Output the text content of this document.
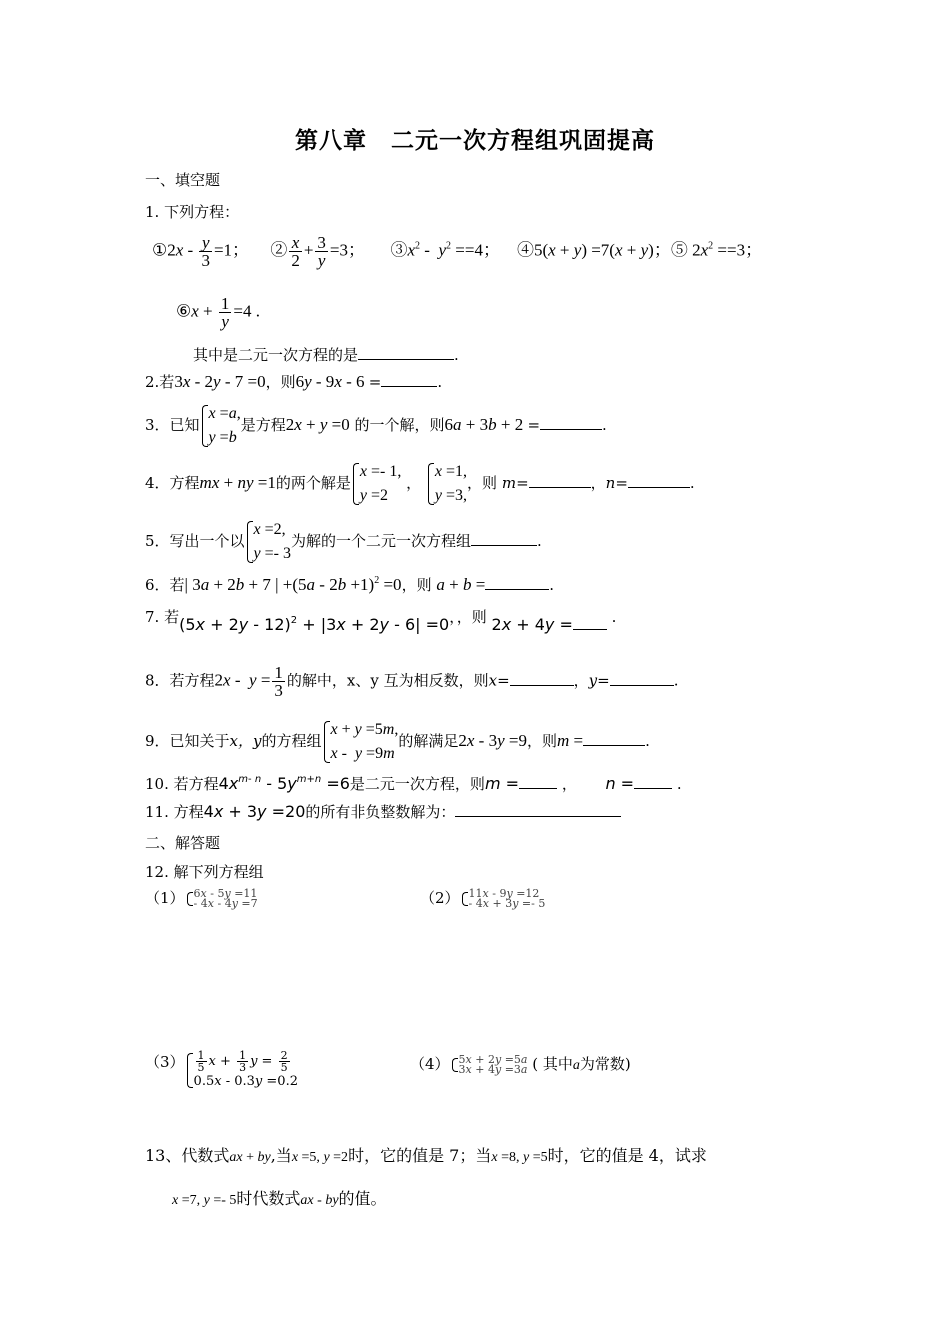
第八章　二元一次方程组巩固提高
一、填空题
1. 下列方程：
①2x - $\frac{y}{3} =1$；     ② $\frac{x}{2} + \frac{3}{y} =3$；      $③x^2 - y^2 ==4$；    ④5(x + y) =7(x + y)；⑤ $2x^2 ==3$；
⑥x + $\frac{1}{y} =4$ .
其中是二元一次方程的是	.
2.若3x - 2y - 7 =0，则6y - 9x - 6 =	.
3．已知
x =a,
y =b
是方程2x + y =0 的一个解，则6a + 3b + 2 =	.
4．方程mx + ny =1的两个解是
x =- 1,
y =2
，
x =1,
y =3,
，则 m=	，n=	.
5．写出一个以
x =2,
y =- 3
为解的一个二元一次方程组	.
6．若| 3a + 2b + 7 | $+(5a - 2b +1)^2 =0$，则 a + b =	.
7. 若$(5x + 2y - 12)^2 + |3x + 2y - 6| =0$，，则 2x + 4y = .
8．若方程$2x - y = \frac{1}{3}$ 的解中，x、y 互为相反数，则x=	，y=	.
9．已知关于x，y的方程组
x + y =5m,
x -  y =9m
的解满足2x - 3y =9，则m =	.
10. 若方程$4x^{m- n} - 5y^{m+n} =6$是二元一次方程，则m =	， n =	.
11. 方程4x + 3y =20的所有非负整数解为：
二、解答题
12. 解下列方程组
（1） 6x - 5y =11
- 4x - 4y =7	（2） 11x - 9y =12
- 4x + 3y =- 5
$(3) \frac{1}{5}$ $x + \frac{1}{3}$ $y = \frac{2}{5}$
0.5x - 0.3y =0.2
（4） 5x + 2y =5a
3x + 4y =3a ( 其中a为常数)
13、代数式ax + by,当x =5, y =2时，它的值是 7；当x =8, y =5时，它的值是 4，试求
x =7, y =- 5时代数式ax - by的值。
